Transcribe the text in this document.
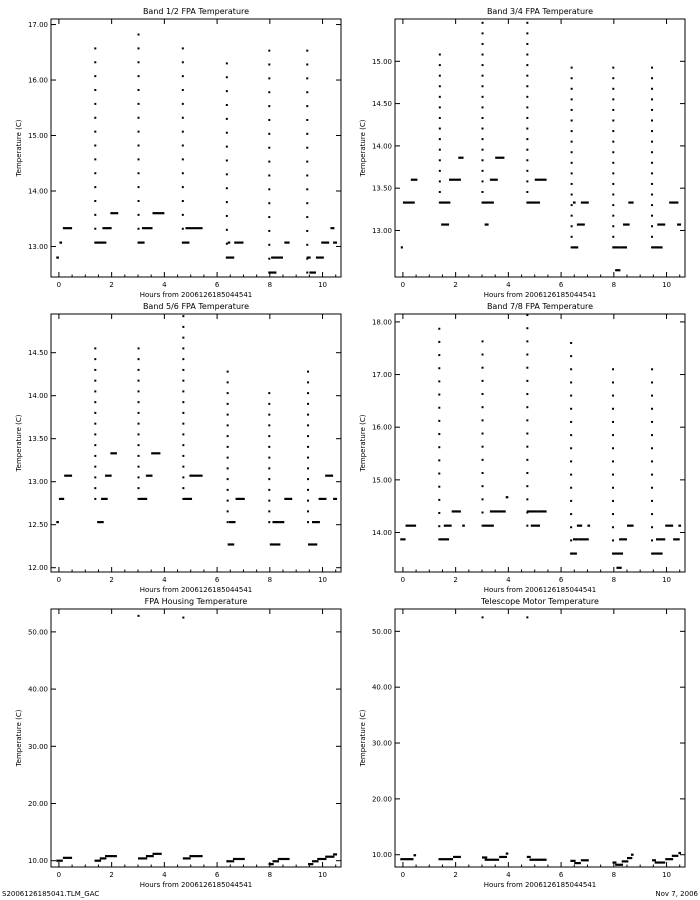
Band 1/2 FPA Temperature
0	2	4	6	8	10
13.00
14.00
15.00
16.00
17.00
Hours from 2006126185044541
Temperature (C)
Band 3/4 FPA Temperature
0	2	4	6	8	10
13.00
13.50
14.00
14.50
15.00
Hours from 2006126185044541
Temperature (C)
Band 5/6 FPA Temperature
0	2	4	6	8	10
12.00
12.50
13.00
13.50
14.00
14.50
Hours from 2006126185044541
Temperature (C)
Band 7/8 FPA Temperature
0	2	4	6	8	10
14.00
15.00
16.00
17.00
18.00
Hours from 2006126185044541
Temperature (C)
FPA Housing Temperature
0	2	4	6	8	10
10.00
20.00
30.00
40.00
50.00
Hours from 2006126185044541
Temperature (C)
Telescope Motor Temperature
0	2	4	6	8	10
10.00
20.00
30.00
40.00
50.00
Hours from 2006126185044541
Temperature (C)
S2006126185041.TLM_GAC	Nov 7, 2006
